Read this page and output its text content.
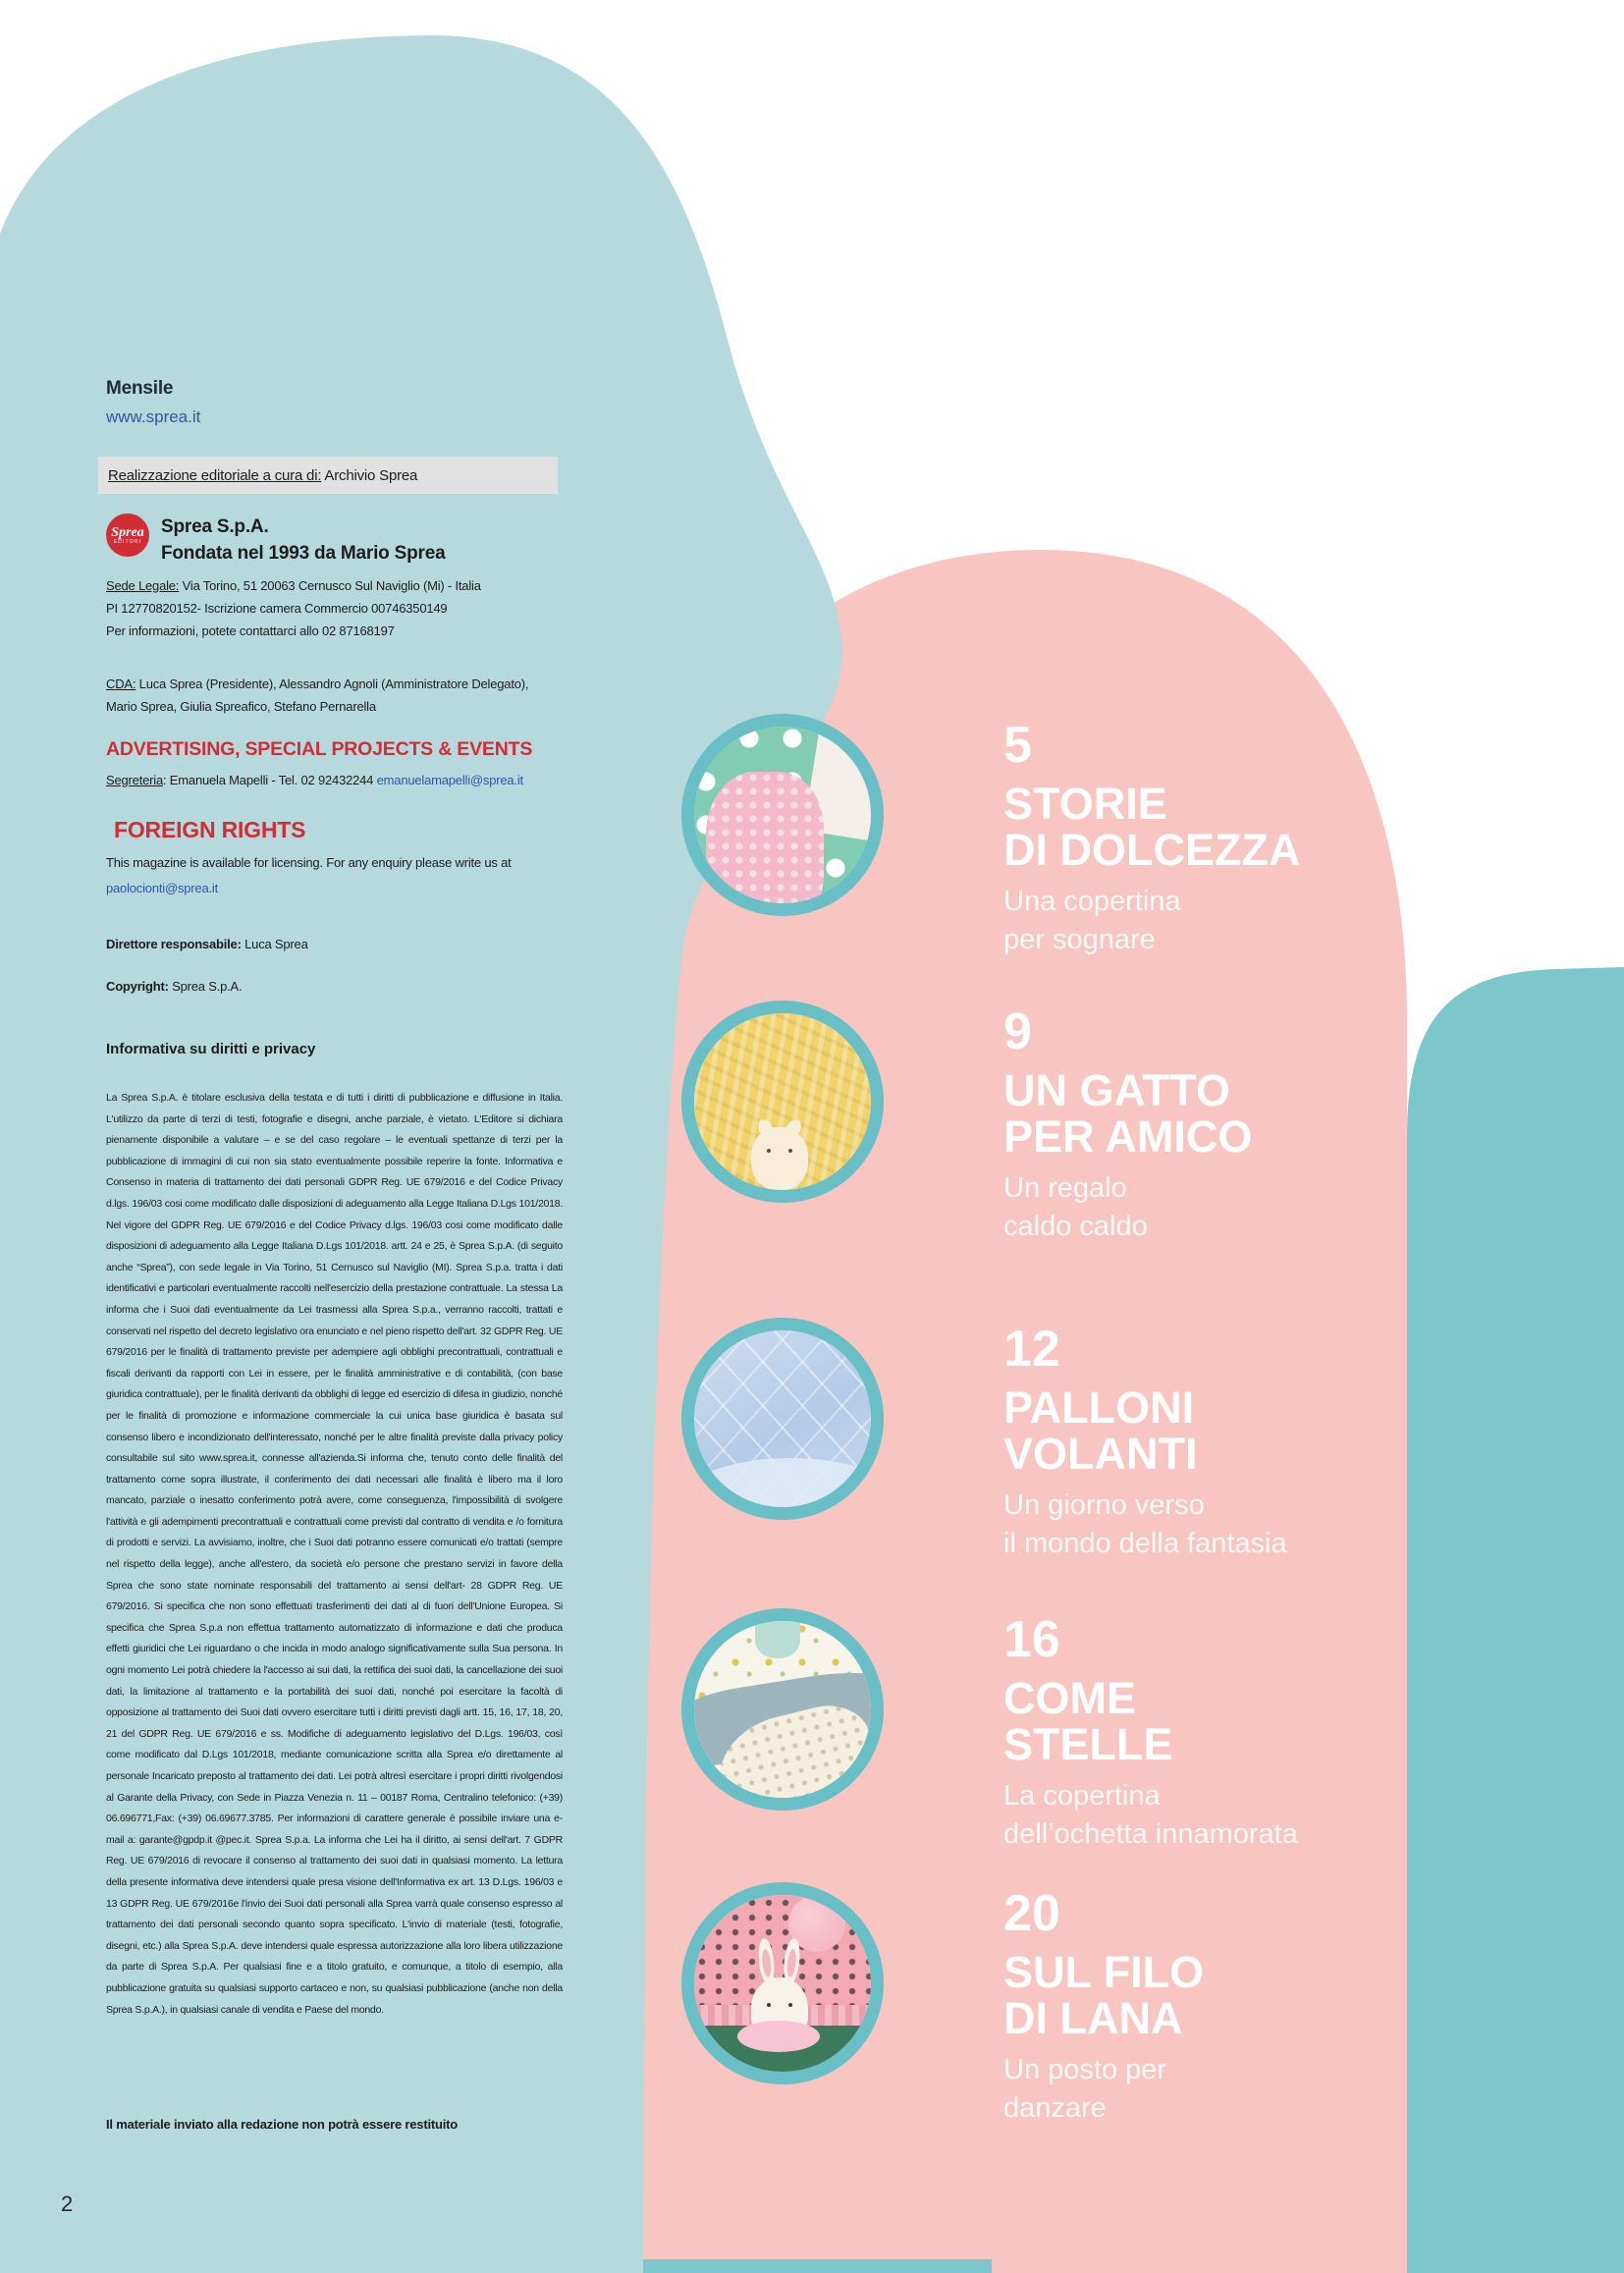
Mensile
www.sprea.it
Realizzazione editoriale a cura di: Archivio Sprea
Sprea
EDITORI
Sprea S.p.A.
Fondata nel 1993 da Mario Sprea
Sede Legale: Via Torino, 51 20063 Cernusco Sul Naviglio (Mi) - Italia
PI 12770820152- Iscrizione camera Commercio 00746350149
Per informazioni, potete contattarci allo 02 87168197
CDA: Luca Sprea (Presidente), Alessandro Agnoli (Amministratore Delegato),
Mario Sprea, Giulia Spreafico, Stefano Pernarella
ADVERTISING, SPECIAL PROJECTS & EVENTS
Segreteria: Emanuela Mapelli - Tel. 02 92432244 emanuelamapelli@sprea.it
FOREIGN RIGHTS
This magazine is available for licensing. For any enquiry please write us at
paolocionti@sprea.it
Direttore responsabile: Luca Sprea
Copyright: Sprea S.p.A.
Informativa su diritti e privacy

La Sprea S.p.A. è titolare esclusiva della testata e di tutti i diritti di pubblicazione e diffusione in Italia. L'utilizzo da parte di terzi di testi, fotografie e disegni, anche parziale, è vietato. L'Editore si dichiara pienamente disponibile a valutare – e se del caso regolare – le eventuali spettanze di terzi per la pubblicazione di immagini di cui non sia stato eventualmente possibile reperire la fonte. Informativa e Consenso in materia di trattamento dei dati personali GDPR Reg. UE 679/2016 e del Codice Privacy d.lgs. 196/03 cosi come modificato dalle disposizioni di adeguamento alla Legge Italiana D.Lgs 101/2018. Nel vigore del GDPR Reg. UE 679/2016 e del Codice Privacy d.lgs. 196/03 cosi come modificato dalle disposizioni di adeguamento alla Legge Italiana D.Lgs 101/2018. artt. 24 e 25, è Sprea S.p.A. (di seguito anche “Sprea”), con sede legale in Via Torino, 51 Cernusco sul Naviglio (MI). Sprea S.p.a. tratta i dati identificativi e particolari eventualmente raccolti nell'esercizio della prestazione contrattuale. La stessa La informa che i Suoi dati eventualmente da Lei trasmessi alla Sprea S.p.a., verranno raccolti, trattati e conservati nel rispetto del decreto legislativo ora enunciato e nel pieno rispetto dell'art. 32 GDPR Reg. UE 679/2016 per le finalità di trattamento previste per adempiere agli obblighi precontrattuali, contrattuali e fiscali derivanti da rapporti con Lei in essere, per le finalità amministrative e di contabilità, (con base giuridica contrattuale), per le finalità derivanti da obblighi di legge ed esercizio di difesa in giudizio, nonché per le finalità di promozione e informazione commerciale la cui unica base giuridica è basata sul consenso libero e incondizionato dell'interessato, nonché per le altre finalità previste dalla privacy policy consultabile sul sito www.sprea.it, connesse all'azienda.Si informa che, tenuto conto delle finalità del trattamento come sopra illustrate, il conferimento dei dati necessari alle finalità è libero ma il loro mancato, parziale o inesatto conferimento potrà avere, come conseguenza, l'impossibilità di svolgere l'attività e gli adempimenti precontrattuali e contrattuali come previsti dal contratto di vendita e /o fornitura di prodotti e servizi. La avvisiamo, inoltre, che i Suoi dati potranno essere comunicati e/o trattati (sempre nel rispetto della legge), anche all'estero, da società e/o persone che prestano servizi in favore della Sprea che sono state nominate responsabili del trattamento ai sensi dell'art- 28 GDPR Reg. UE 679/2016. Si specifica che non sono effettuati trasferimenti dei dati al di fuori dell'Unione Europea. Si specifica che Sprea S.p.a non effettua trattamento automatizzato di informazione e dati che produca effetti giuridici che Lei riguardano o che incida in modo analogo significativamente sulla Sua persona. In ogni momento Lei potrà chiedere la l'accesso ai sui dati, la rettifica dei suoi dati, la cancellazione dei suoi dati, la limitazione al trattamento e la portabilità dei suoi dati, nonché poi esercitare la facoltà di opposizione al trattamento dei Suoi dati ovvero esercitare tutti i diritti previsti dagli artt. 15, 16, 17, 18, 20, 21 del GDPR Reg. UE 679/2016 e ss. Modifiche di adeguamento legislativo del D.Lgs. 196/03, così come modificato dal D.Lgs 101/2018, mediante comunicazione scritta alla Sprea e/o direttamente al personale Incaricato preposto al trattamento dei dati. Lei potrà altresì esercitare i propri diritti rivolgendosi al Garante della Privacy, con Sede in Piazza Venezia n. 11 – 00187 Roma, Centralino telefonico: (+39) 06.696771,Fax: (+39) 06.69677.3785. Per informazioni di carattere generale è possibile inviare una e-mail a: garante@gpdp.it @pec.it. Sprea S.p.a. La informa che Lei ha il diritto, ai sensi dell'art. 7 GDPR Reg. UE 679/2016 di revocare il consenso al trattamento dei suoi dati in qualsiasi momento. La lettura della presente informativa deve intendersi quale presa visione dell'Informativa ex art. 13 D.Lgs. 196/03 e 13 GDPR Reg. UE 679/2016e l'invio dei Suoi dati personali alla Sprea varrà quale consenso espresso al trattamento dei dati personali secondo quanto sopra specificato. L'invio di materiale (testi, fotografie, disegni, etc.) alla Sprea S.p.A. deve intendersi quale espressa autorizzazione alla loro libera utilizzazione da parte di Sprea S.p.A. Per qualsiasi fine e a titolo gratuito, e comunque, a titolo di esempio, alla pubblicazione gratuita su qualsiasi supporto cartaceo e non, su qualsiasi pubblicazione (anche non della Sprea S.p.A.), in qualsiasi canale di vendita e Paese del mondo.

Il materiale inviato alla redazione non potrà essere restituito
2
5
STORIE
DI DOLCEZZA
Una copertina
per sognare
9
UN GATTO
PER AMICO
Un regalo
caldo caldo
12
PALLONI
VOLANTI
Un giorno verso
il mondo della fantasia
16
COME
STELLE
La copertina
dell’ochetta innamorata
20
SUL FILO
DI LANA
Un posto per
danzare
